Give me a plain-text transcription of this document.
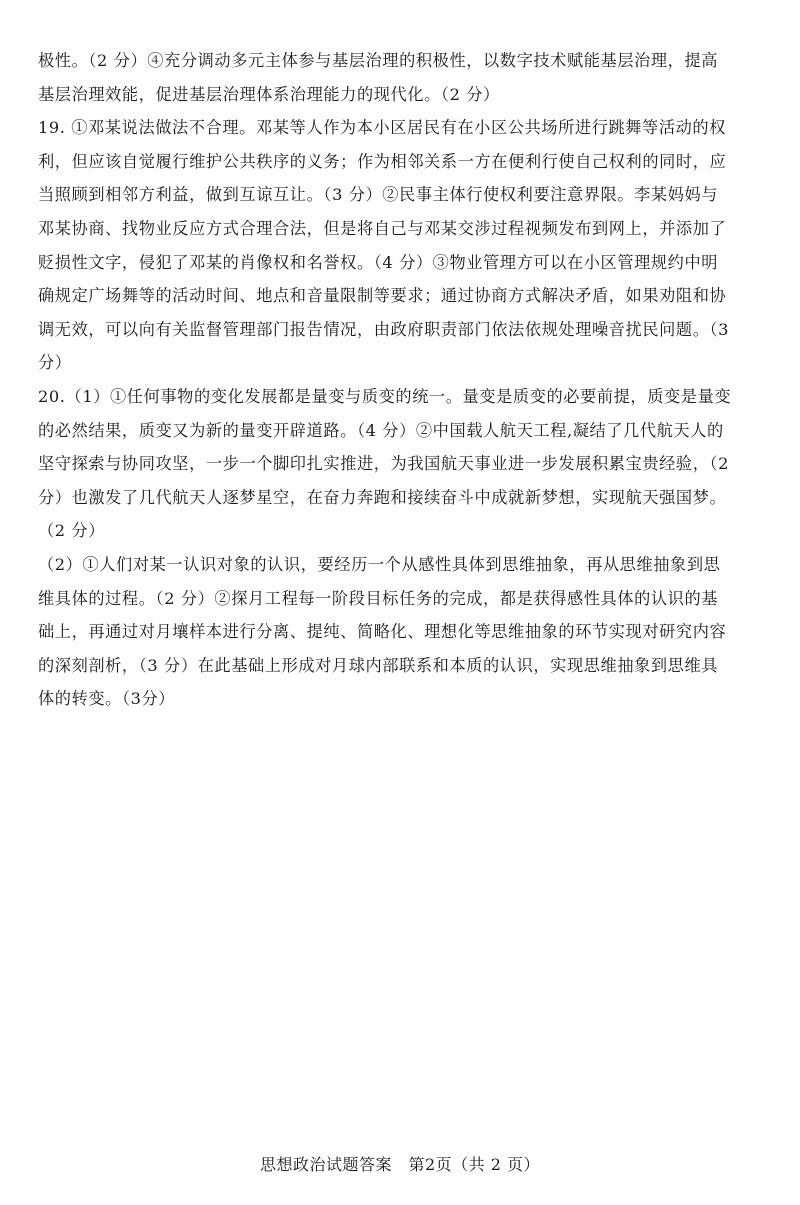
极性。（2 分）④充分调动多元主体参与基层治理的积极性，以数字技术赋能基层治理，提高
基层治理效能，促进基层治理体系治理能力的现代化。（2 分）
19. ①邓某说法做法不合理。邓某等人作为本小区居民有在小区公共场所进行跳舞等活动的权
利，但应该自觉履行维护公共秩序的义务；作为相邻关系一方在便利行使自己权利的同时，应
当照顾到相邻方利益，做到互谅互让。（3 分）②民事主体行使权利要注意界限。李某妈妈与
邓某协商、找物业反应方式合理合法，但是将自己与邓某交涉过程视频发布到网上，并添加了
贬损性文字，侵犯了邓某的肖像权和名誉权。（4 分）③物业管理方可以在小区管理规约中明
确规定广场舞等的活动时间、地点和音量限制等要求；通过协商方式解决矛盾，如果劝阻和协
调无效，可以向有关监督管理部门报告情况，由政府职责部门依法依规处理噪音扰民问题。（3
分）
20.（1）①任何事物的变化发展都是量变与质变的统一。量变是质变的必要前提，质变是量变
的必然结果，质变又为新的量变开辟道路。（4 分）②中国载人航天工程,凝结了几代航天人的
坚守探索与协同攻坚，一步一个脚印扎实推进，为我国航天事业进一步发展积累宝贵经验，（2
分）也激发了几代航天人逐梦星空，在奋力奔跑和接续奋斗中成就新梦想，实现航天强国梦。
（2 分）
（2）①人们对某一认识对象的认识，要经历一个从感性具体到思维抽象，再从思维抽象到思
维具体的过程。（2 分）②探月工程每一阶段目标任务的完成，都是获得感性具体的认识的基
础上，再通过对月壤样本进行分离、提纯、简略化、理想化等思维抽象的环节实现对研究内容
的深刻剖析，（3 分）在此基础上形成对月球内部联系和本质的认识，实现思维抽象到思维具
体的转变。（3分）
思想政治试题答案　第2页（共 2 页）
